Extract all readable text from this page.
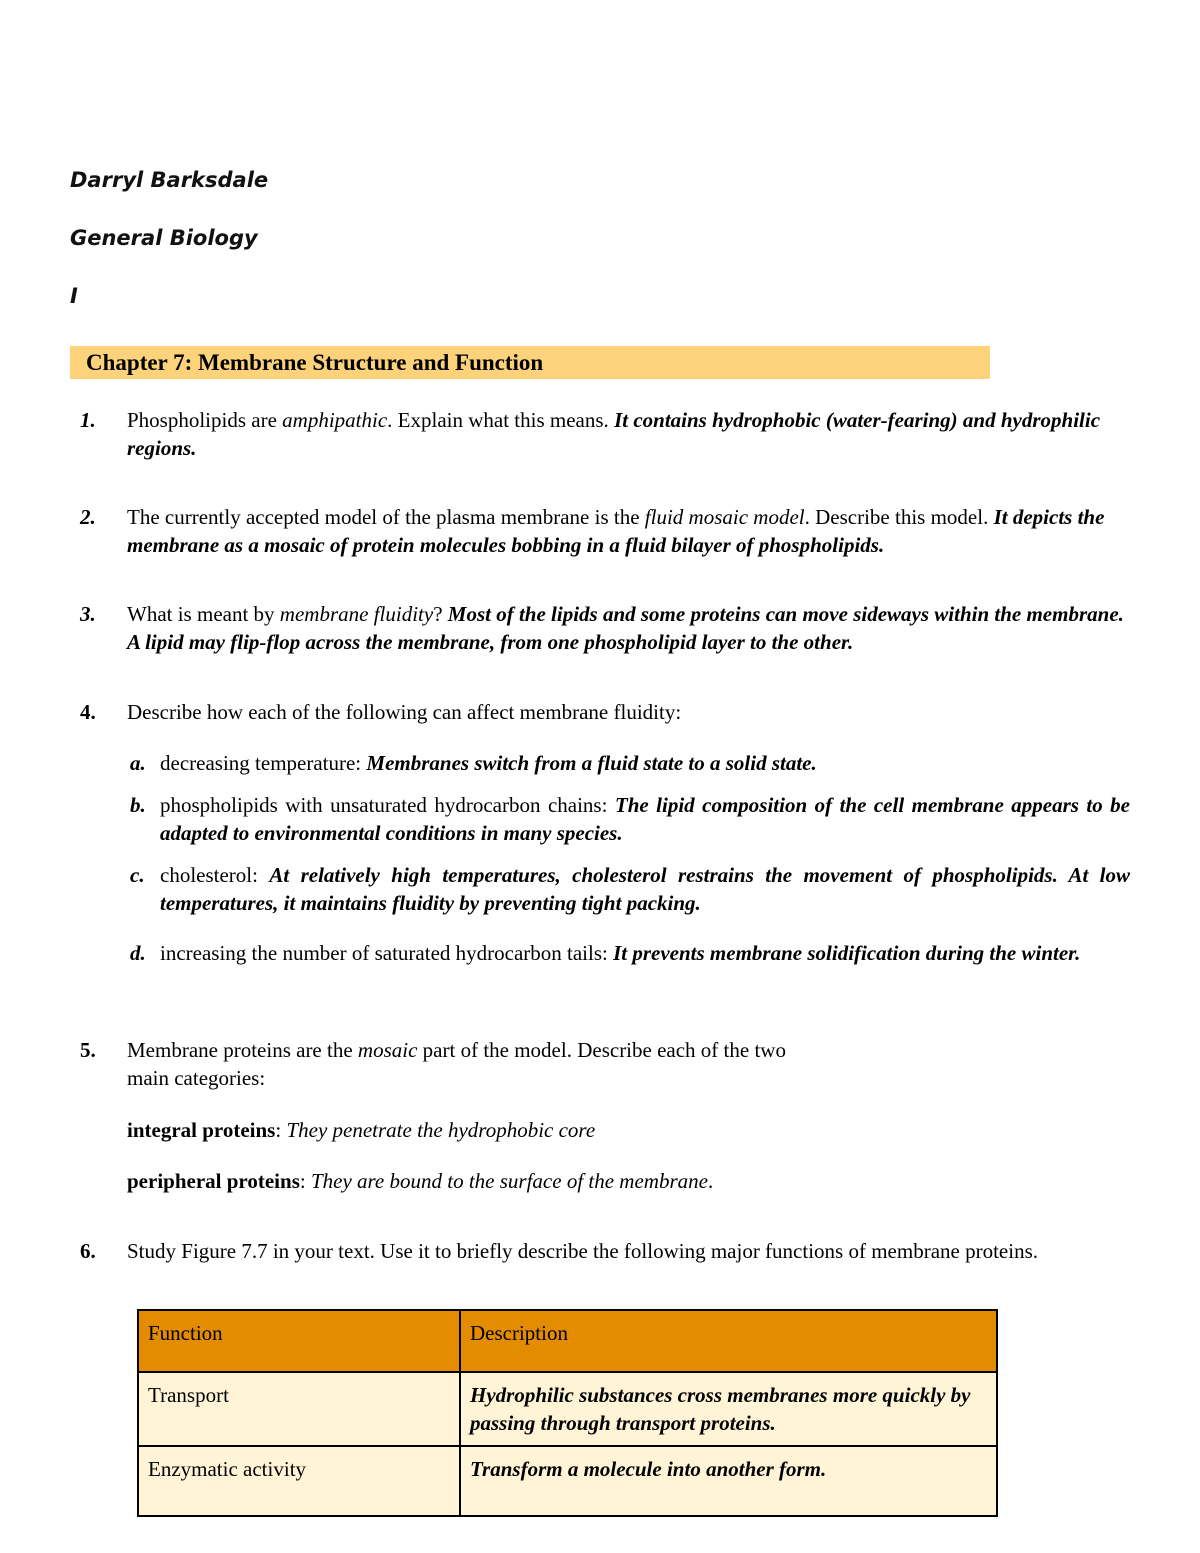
Darryl Barksdale
General Biology
I
Chapter 7: Membrane Structure and Function
1. Phospholipids are amphipathic. Explain what this means. It contains hydrophobic (water-fearing) and hydrophilic regions.
2. The currently accepted model of the plasma membrane is the fluid mosaic model. Describe this model. It depicts the membrane as a mosaic of protein molecules bobbing in a fluid bilayer of phospholipids.
3. What is meant by membrane fluidity? Most of the lipids and some proteins can move sideways within the membrane. A lipid may flip-flop across the membrane, from one phospholipid layer to the other.
4. Describe how each of the following can affect membrane fluidity:
a. decreasing temperature: Membranes switch from a fluid state to a solid state.
b. phospholipids with unsaturated hydrocarbon chains: The lipid composition of the cell membrane appears to be adapted to environmental conditions in many species.
c. cholesterol: At relatively high temperatures, cholesterol restrains the movement of phospholipids. At low temperatures, it maintains fluidity by preventing tight packing.
d. increasing the number of saturated hydrocarbon tails: It prevents membrane solidification during the winter.
5. Membrane proteins are the mosaic part of the model. Describe each of the two
main categories:
integral proteins: They penetrate the hydrophobic core
peripheral proteins: They are bound to the surface of the membrane.
6. Study Figure 7.7 in your text. Use it to briefly describe the following major functions of membrane proteins.
Function	Description
Transport	Hydrophilic substances cross membranes more quickly by passing through transport proteins.
Enzymatic activity	Transform a molecule into another form.
